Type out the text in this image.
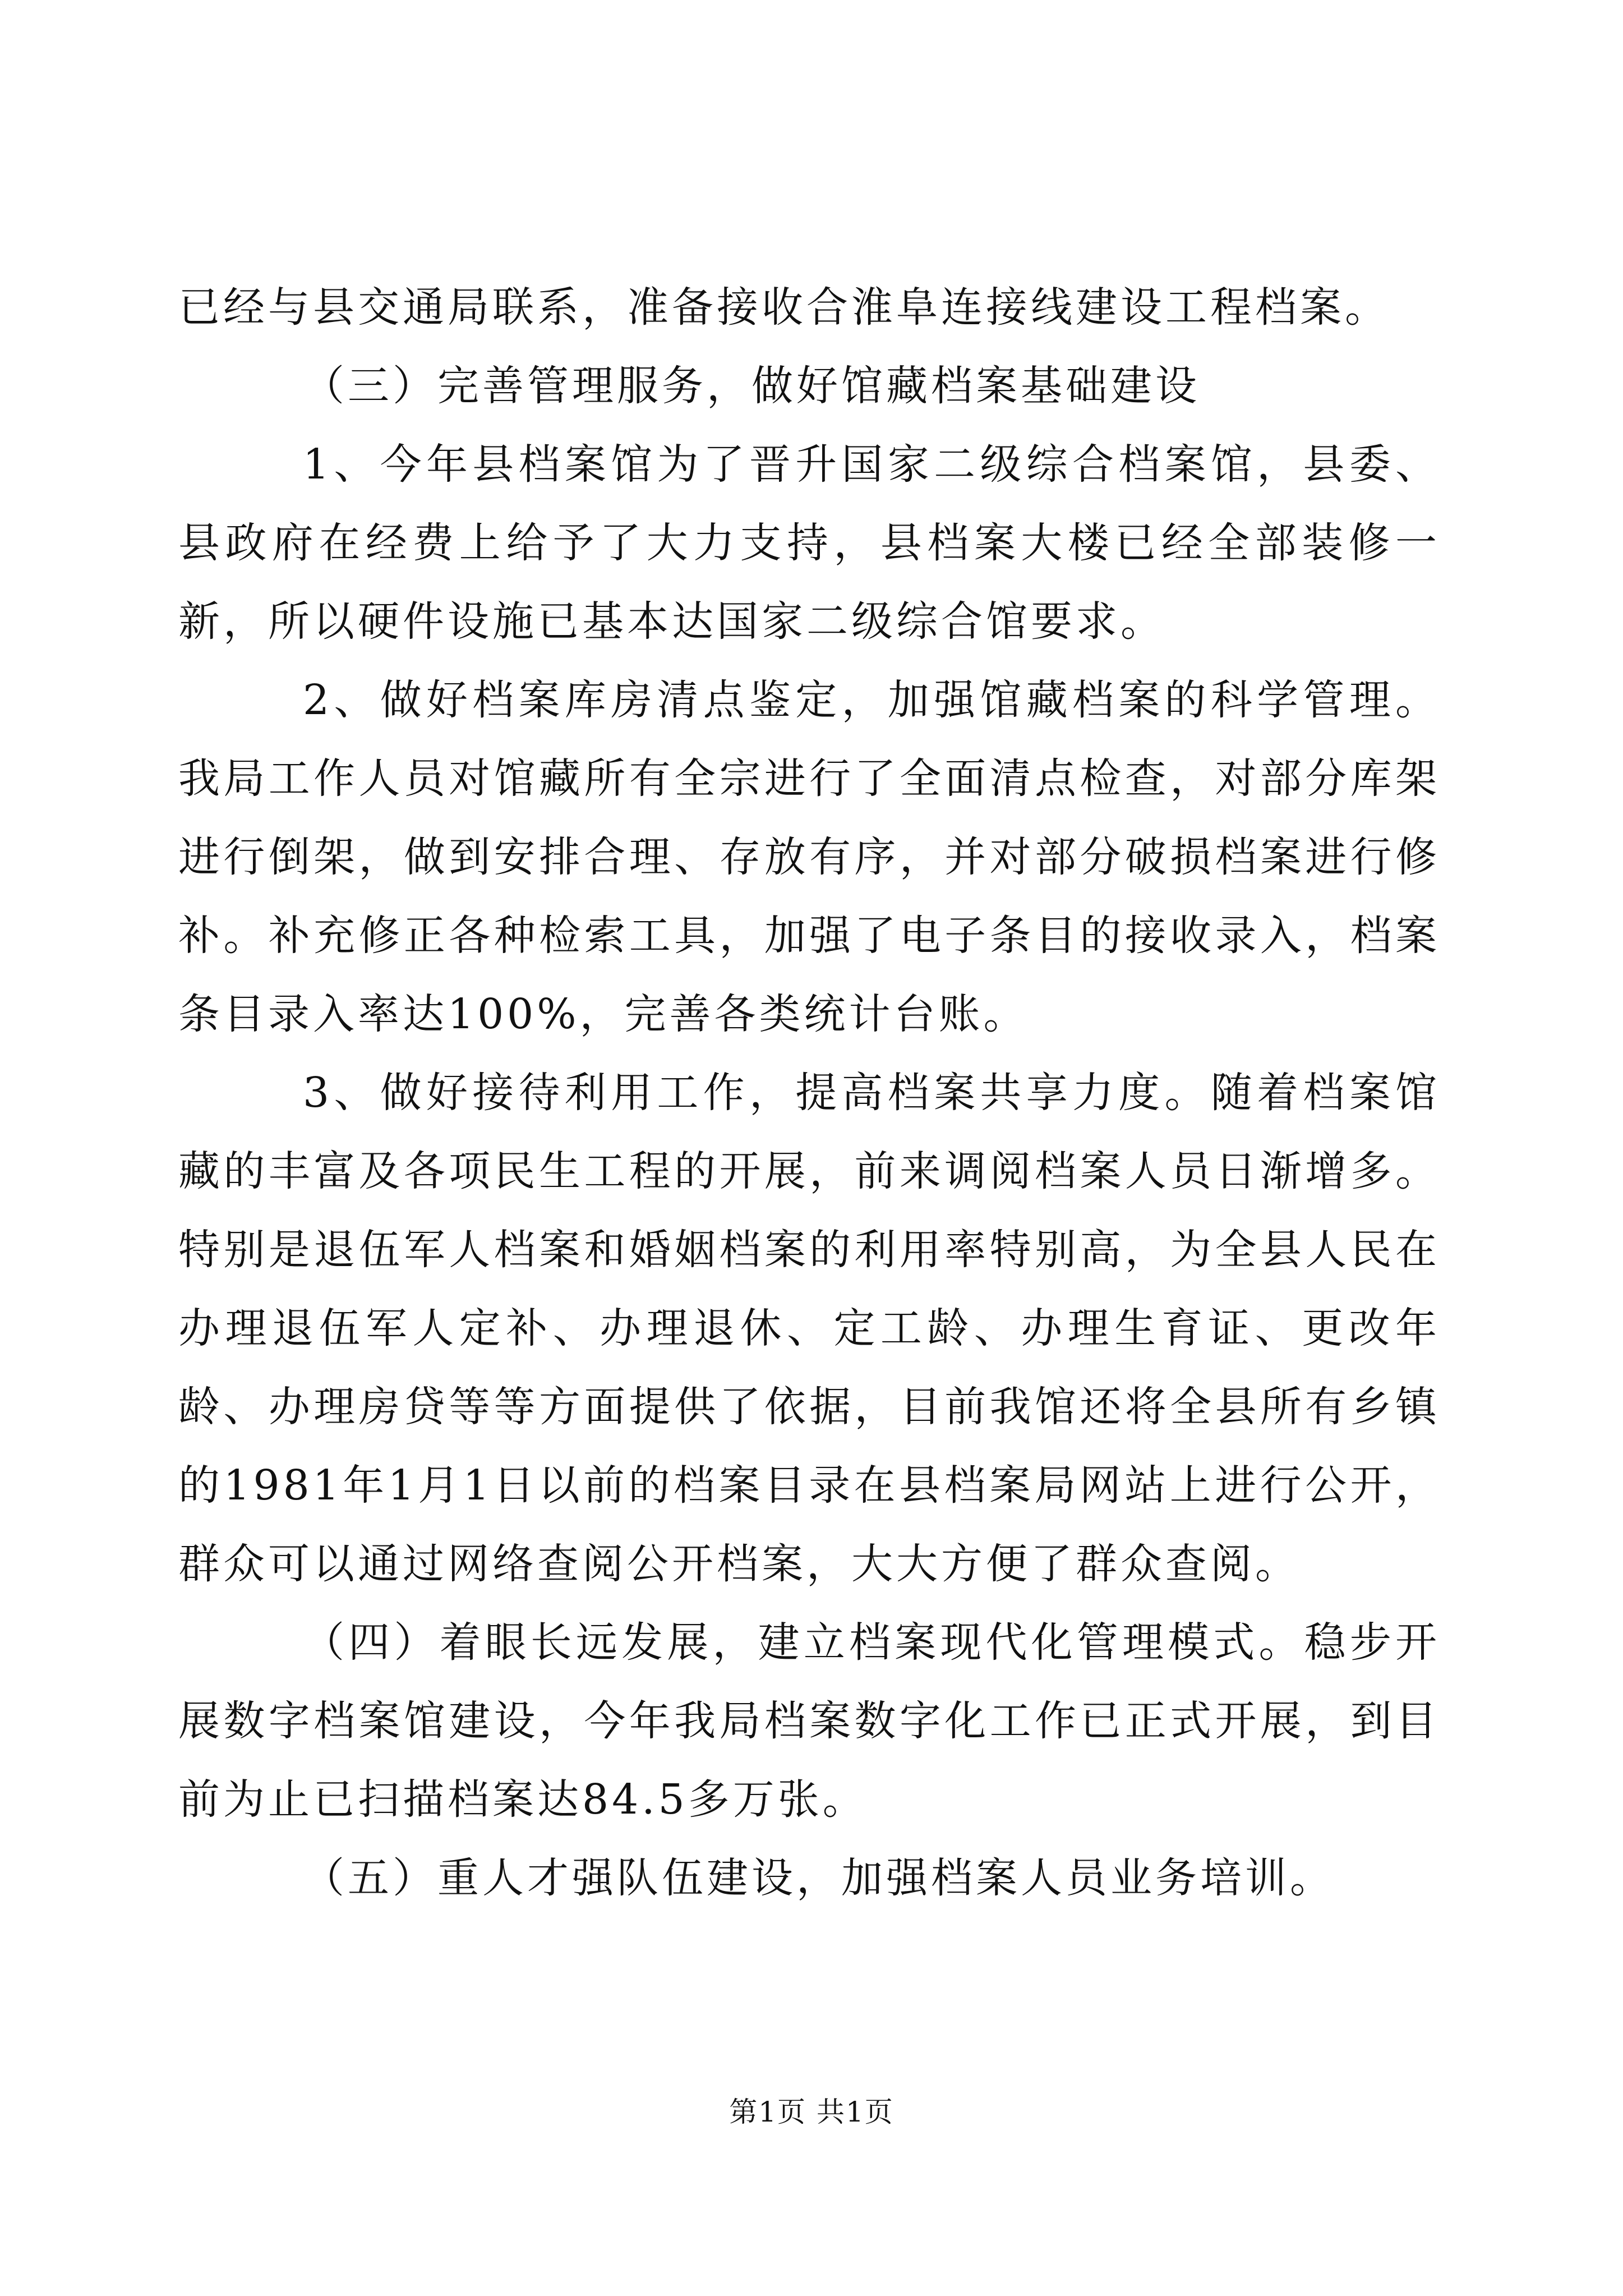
已经与县交通局联系，准备接收合淮阜连接线建设工程档案。

（三）完善管理服务，做好馆藏档案基础建设

1、今年县档案馆为了晋升国家二级综合档案馆，县委、县政府在经费上给予了大力支持，县档案大楼已经全部装修一新，所以硬件设施已基本达国家二级综合馆要求。

2、做好档案库房清点鉴定，加强馆藏档案的科学管理。我局工作人员对馆藏所有全宗进行了全面清点检查，对部分库架进行倒架，做到安排合理、存放有序，并对部分破损档案进行修补。补充修正各种检索工具，加强了电子条目的接收录入，档案条目录入率达100%，完善各类统计台账。

3、做好接待利用工作，提高档案共享力度。随着档案馆藏的丰富及各项民生工程的开展，前来调阅档案人员日渐增多。特别是退伍军人档案和婚姻档案的利用率特别高，为全县人民在办理退伍军人定补、办理退休、定工龄、办理生育证、更改年龄、办理房贷等等方面提供了依据，目前我馆还将全县所有乡镇的1981年1月1日以前的档案目录在县档案局网站上进行公开，群众可以通过网络查阅公开档案，大大方便了群众查阅。

（四）着眼长远发展，建立档案现代化管理模式。稳步开展数字档案馆建设，今年我局档案数字化工作已正式开展，到目前为止已扫描档案达84.5多万张。

（五）重人才强队伍建设，加强档案人员业务培训。

第1页 共1页
